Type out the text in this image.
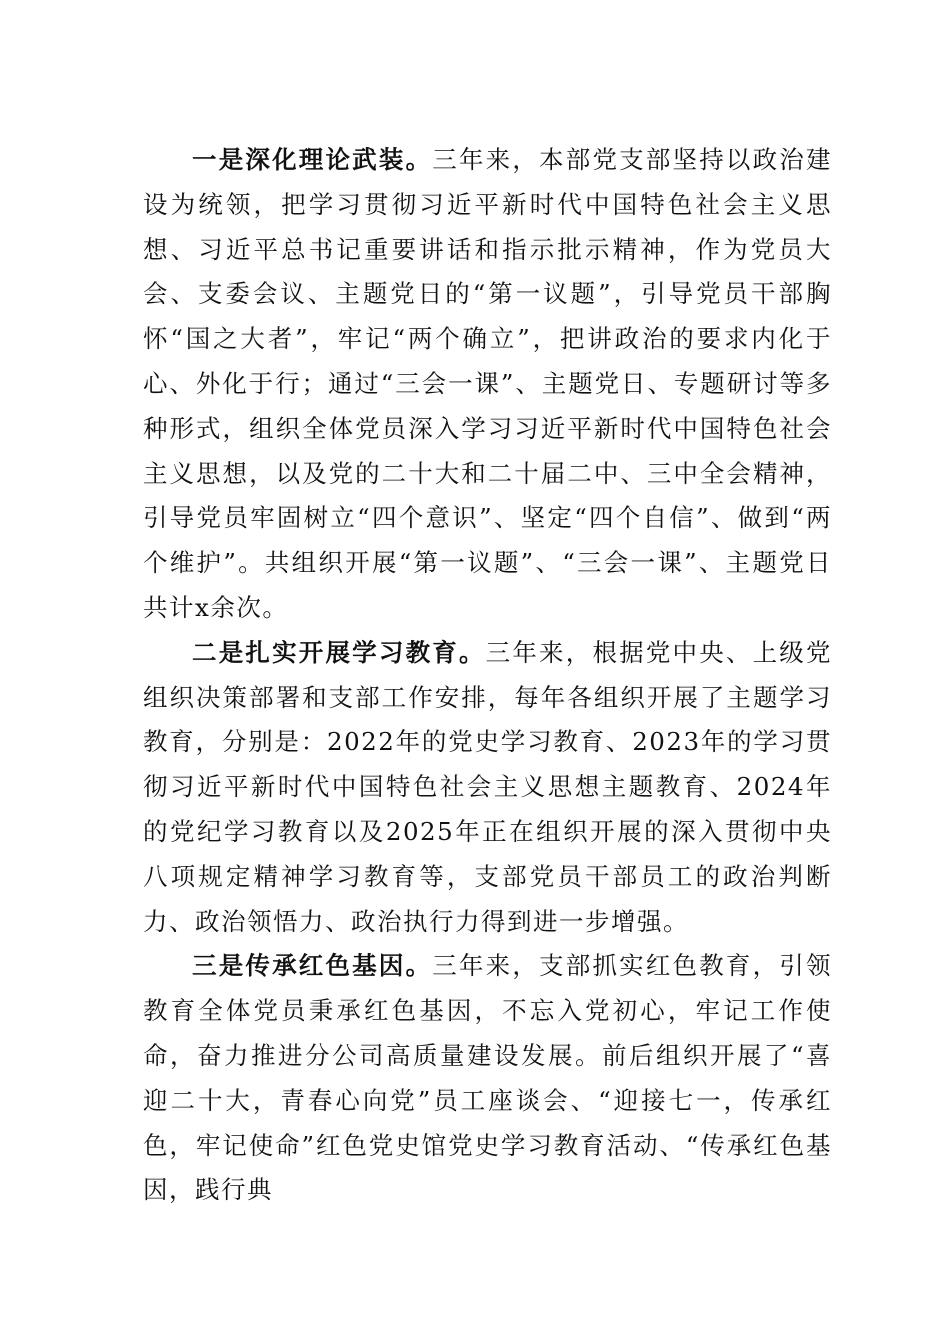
一是深化理论武装。三年来，本部党支部坚持以政治建设为统领，把学习贯彻习近平新时代中国特色社会主义思想、习近平总书记重要讲话和指示批示精神，作为党员大会、支委会议、主题党日的“第一议题”，引导党员干部胸怀“国之大者”，牢记“两个确立”，把讲政治的要求内化于心、外化于行；通过“三会一课”、主题党日、专题研讨等多种形式，组织全体党员深入学习习近平新时代中国特色社会主义思想，以及党的二十大和二十届二中、三中全会精神，引导党员牢固树立“四个意识”、坚定“四个自信”、做到“两个维护”。共组织开展“第一议题”、“三会一课”、主题党日共计x余次。

二是扎实开展学习教育。三年来，根据党中央、上级党组织决策部署和支部工作安排，每年各组织开展了主题学习教育，分别是：2022年的党史学习教育、2023年的学习贯彻习近平新时代中国特色社会主义思想主题教育、2024年的党纪学习教育以及2025年正在组织开展的深入贯彻中央八项规定精神学习教育等，支部党员干部员工的政治判断力、政治领悟力、政治执行力得到进一步增强。

三是传承红色基因。三年来，支部抓实红色教育，引领教育全体党员秉承红色基因，不忘入党初心，牢记工作使命，奋力推进分公司高质量建设发展。前后组织开展了“喜迎二十大，青春心向党”员工座谈会、“迎接七一，传承红色，牢记使命”红色党史馆党史学习教育活动、“传承红色基因，践行典
